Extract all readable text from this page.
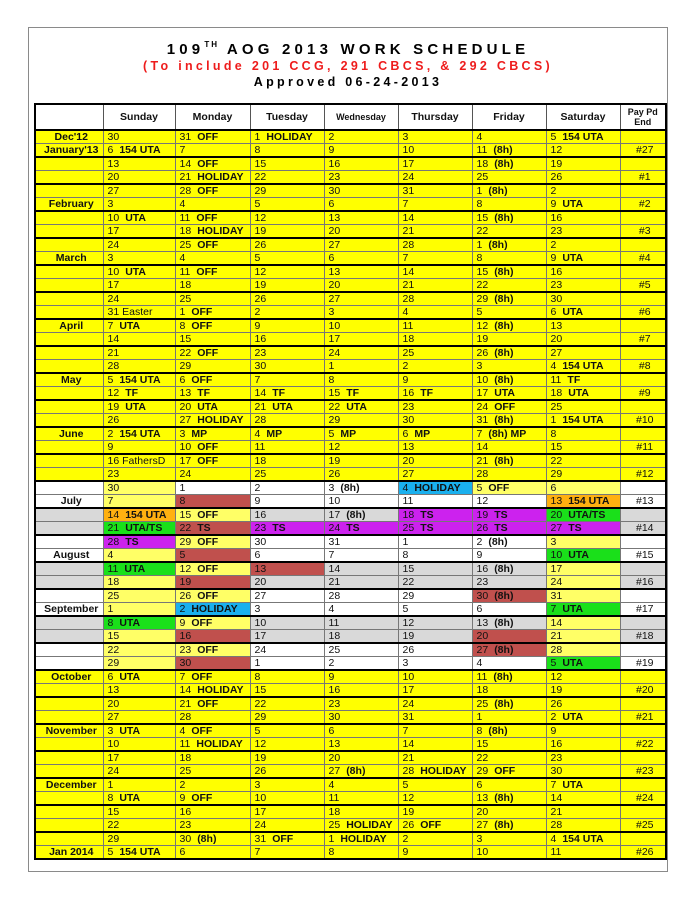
109TH AOG 2013 WORK SCHEDULE
(To include 201 CCG, 291 CBCS, & 292 CBCS)
Approved 06-24-2013
	Sunday	Monday	Tuesday	Wednesday	Thursday	Friday	Saturday	Pay Pd End
Dec'12	30	31 OFF	1 HOLIDAY	2	3	4	5 154 UTA	
January'13	6 154 UTA	7	8	9	10	11 (8h)	12	#27
	13	14 OFF	15	16	17	18 (8h)	19	
	20	21 HOLIDAY	22	23	24	25	26	#1
	27	28 OFF	29	30	31	1 (8h)	2	
February	3	4	5	6	7	8	9 UTA	#2
	10 UTA	11 OFF	12	13	14	15 (8h)	16	
	17	18 HOLIDAY	19	20	21	22	23	#3
	24	25 OFF	26	27	28	1 (8h)	2	
March	3	4	5	6	7	8	9 UTA	#4
	10 UTA	11 OFF	12	13	14	15 (8h)	16	
	17	18	19	20	21	22	23	#5
	24	25	26	27	28	29 (8h)	30	
	31 Easter	1 OFF	2	3	4	5	6 UTA	#6
April	7 UTA	8 OFF	9	10	11	12 (8h)	13	
	14	15	16	17	18	19	20	#7
	21	22 OFF	23	24	25	26 (8h)	27	
	28	29	30	1	2	3	4 154 UTA	#8
May	5 154 UTA	6 OFF	7	8	9	10 (8h)	11 TF	
	12 TF	13 TF	14 TF	15 TF	16 TF	17 UTA	18 UTA	#9
	19 UTA	20 UTA	21 UTA	22 UTA	23	24 OFF	25	
	26	27 HOLIDAY	28	29	30	31 (8h)	1 154 UTA	#10
June	2 154 UTA	3 MP	4 MP	5 MP	6 MP	7 (8h) MP	8	
	9	10 OFF	11	12	13	14	15	#11
	16 FathersD	17 OFF	18	19	20	21 (8h)	22	
	23	24	25	26	27	28	29	#12
	30	1	2	3 (8h)	4 HOLIDAY	5 OFF	6	
July	7	8	9	10	11	12	13 154 UTA	#13
	14 154 UTA	15 OFF	16	17 (8h)	18 TS	19 TS	20 UTA/TS	
	21 UTA/TS	22 TS	23 TS	24 TS	25 TS	26 TS	27 TS	#14
	28 TS	29 OFF	30	31	1	2 (8h)	3	
August	4	5	6	7	8	9	10 UTA	#15
	11 UTA	12 OFF	13	14	15	16 (8h)	17	
	18	19	20	21	22	23	24	#16
	25	26 OFF	27	28	29	30 (8h)	31	
September	1	2 HOLIDAY	3	4	5	6	7 UTA	#17
	8 UTA	9 OFF	10	11	12	13 (8h)	14	
	15	16	17	18	19	20	21	#18
	22	23 OFF	24	25	26	27 (8h)	28	
	29	30	1	2	3	4	5 UTA	#19
October	6 UTA	7 OFF	8	9	10	11 (8h)	12	
	13	14 HOLIDAY	15	16	17	18	19	#20
	20	21 OFF	22	23	24	25 (8h)	26	
	27	28	29	30	31	1	2 UTA	#21
November	3 UTA	4 OFF	5	6	7	8 (8h)	9	
	10	11 HOLIDAY	12	13	14	15	16	#22
	17	18	19	20	21	22	23	
	24	25	26	27 (8h)	28 HOLIDAY	29 OFF	30	#23
December	1	2	3	4	5	6	7 UTA	
	8 UTA	9 OFF	10	11	12	13 (8h)	14	#24
	15	16	17	18	19	20	21	
	22	23	24	25 HOLIDAY	26 OFF	27 (8h)	28	#25
	29	30 (8h)	31 OFF	1 HOLIDAY	2	3	4 154 UTA	
Jan 2014	5 154 UTA	6	7	8	9	10	11	#26
